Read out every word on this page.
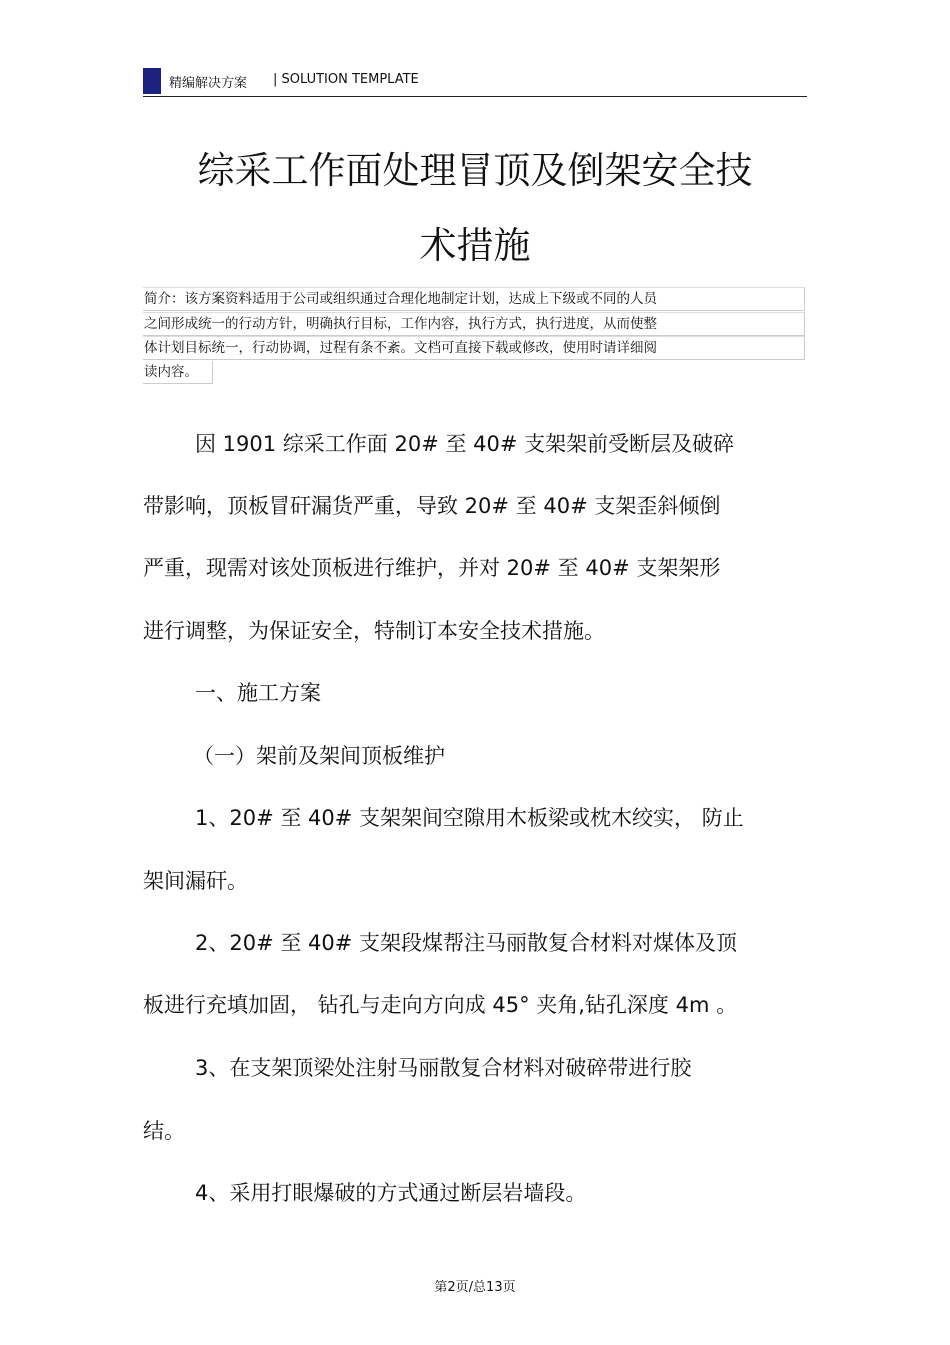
精编解决方案 | SOLUTION TEMPLATE
综采工作面处理冒顶及倒架安全技
术措施
简介：该方案资料适用于公司或组织通过合理化地制定计划，达成上下级或不同的人员
之间形成统一的行动方针，明确执行目标，工作内容，执行方式，执行进度，从而使整
体计划目标统一，行动协调，过程有条不紊。文档可直接下载或修改，使用时请详细阅
读内容。
因 1901 综采工作面 20# 至 40# 支架架前受断层及破碎
带影响，顶板冒矸漏货严重，导致 20# 至 40# 支架歪斜倾倒
严重，现需对该处顶板进行维护，并对 20# 至 40# 支架架形
进行调整，为保证安全，特制订本安全技术措施。
一、施工方案
（一）架前及架间顶板维护
1、20# 至 40# 支架架间空隙用木板梁或枕木绞实， 防止
架间漏矸。
2、20# 至 40# 支架段煤帮注马丽散复合材料对煤体及顶
板进行充填加固， 钻孔与走向方向成 45° 夹角,钻孔深度 4m 。
3、在支架顶梁处注射马丽散复合材料对破碎带进行胶
结。
4、采用打眼爆破的方式通过断层岩墙段。
第2页/总13页
